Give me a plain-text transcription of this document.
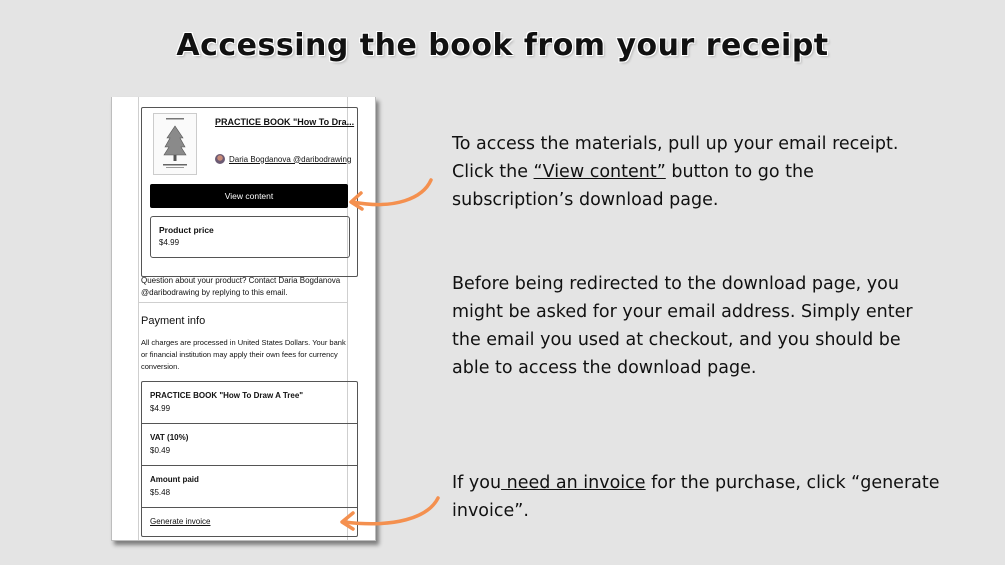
Accessing the book from your receipt
PRACTICE BOOK "How To Dra...
Daria Bogdanova @daribodrawing
View content
Product price
$4.99
Question about your product? Contact Daria Bogdanova @daribodrawing by replying to this email.
Payment info
All charges are processed in United States Dollars. Your bank or financial institution may apply their own fees for currency conversion.
PRACTICE BOOK "How To Draw A Tree"
$4.99
VAT (10%)
$0.49
Amount paid
$5.48
Generate invoice
To access the materials, pull up your email receipt. Click the “View content” button to go the subscription’s download page.
Before being redirected to the download page, you might be asked for your email address. Simply enter the email you used at checkout, and you should be able to access the download page.
If you need an invoice for the purchase, click “generate invoice”.
